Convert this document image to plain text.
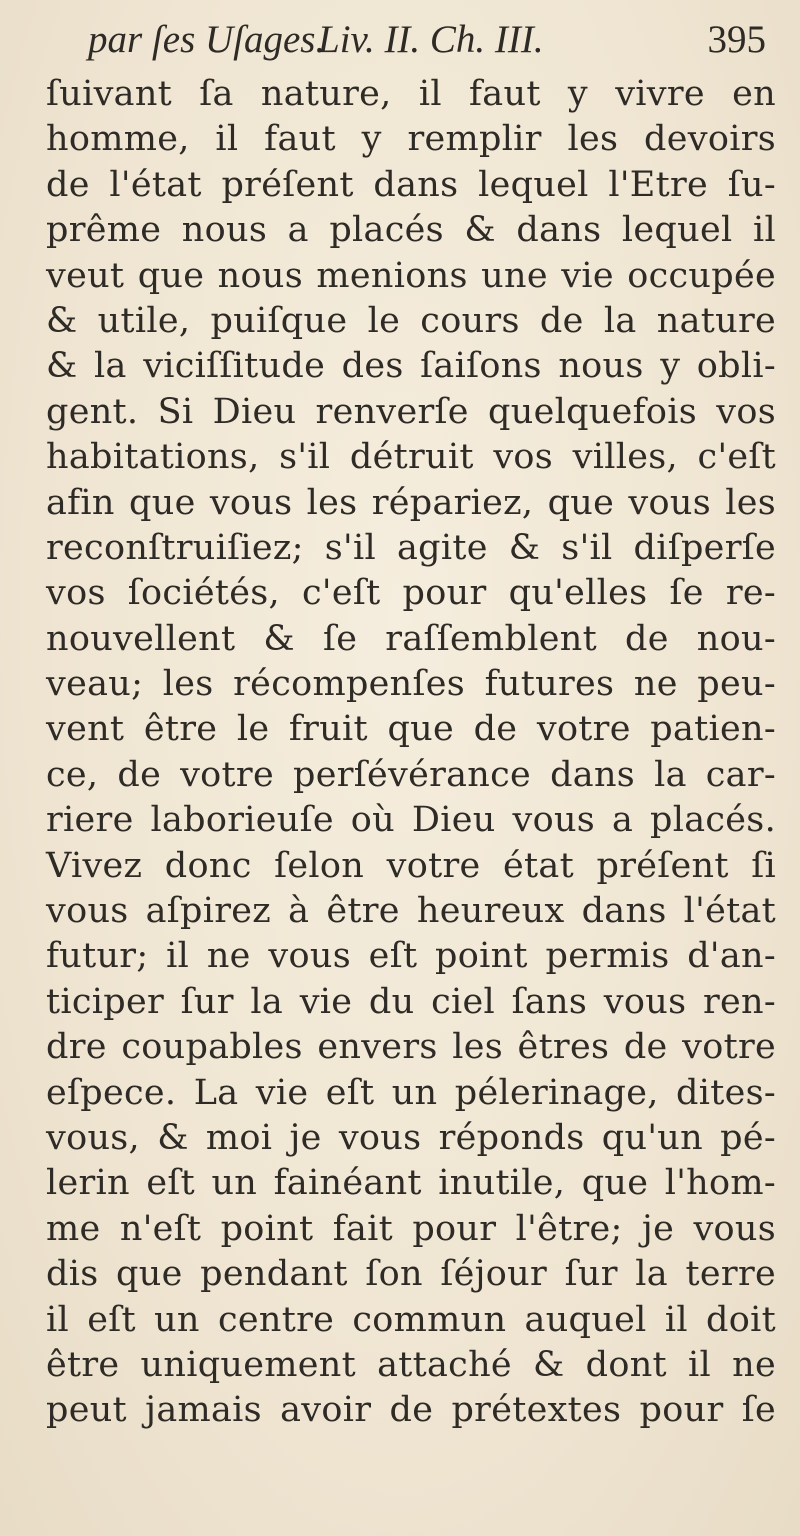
par ſes Uſages.
Liv. II. Ch. III.	395
ſuivant ſa nature, il faut y vivre en
homme, il faut y remplir les devoirs
de l'état préſent dans lequel l'Etre ſu-
prême nous a placés & dans lequel il
veut que nous menions une vie occupée
& utile, puiſque le cours de la nature
& la viciſſitude des ſaiſons nous y obli-
gent. Si Dieu renverſe quelquefois vos
habitations, s'il détruit vos villes, c'eſt
afin que vous les répariez, que vous les
reconſtruiſiez; s'il agite & s'il diſperſe
vos ſociétés, c'eſt pour qu'elles ſe re-
nouvellent & ſe raſſemblent de nou-
veau; les récompenſes futures ne peu-
vent être le fruit que de votre patien-
ce, de votre perſévérance dans la car-
riere laborieuſe où Dieu vous a placés.
Vivez donc ſelon votre état préſent ſi
vous aſpirez à être heureux dans l'état
futur; il ne vous eſt point permis d'an-
ticiper ſur la vie du ciel ſans vous ren-
dre coupables envers les êtres de votre
eſpece. La vie eſt un pélerinage, dites-
vous, & moi je vous réponds qu'un pé-
lerin eſt un fainéant inutile, que l'hom-
me n'eſt point fait pour l'être; je vous
dis que pendant ſon ſéjour ſur la terre
il eſt un centre commun auquel il doit
être uniquement attaché & dont il ne
peut jamais avoir de prétextes pour ſe
